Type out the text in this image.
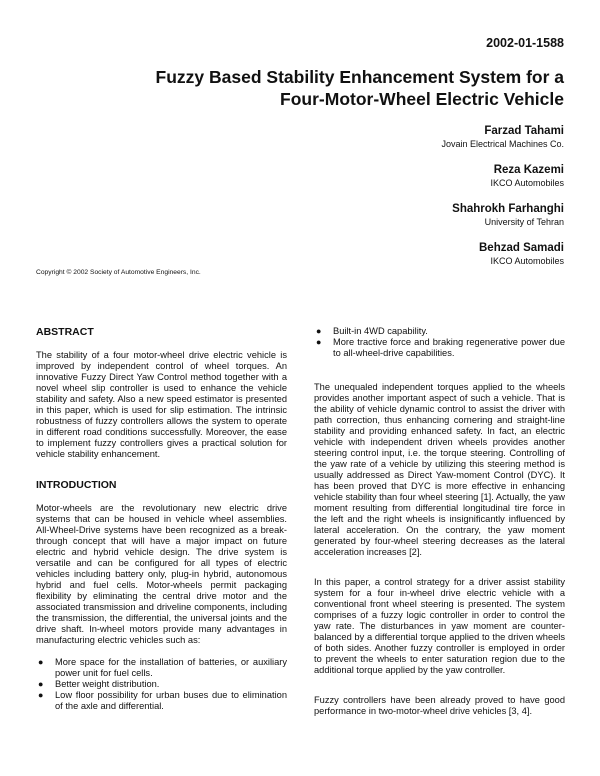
2002-01-1588
Fuzzy Based Stability Enhancement System for a
Four-Motor-Wheel Electric Vehicle
Farzad Tahami
Jovain Electrical Machines Co.
Reza Kazemi
IKCO Automobiles
Shahrokh Farhanghi
University of Tehran
Behzad Samadi
IKCO Automobiles
Copyright © 2002 Society of Automotive Engineers, Inc.
ABSTRACT

The stability of a four motor-wheel drive electric vehicle is improved by independent control of wheel torques. An innovative Fuzzy Direct Yaw Control method together with a novel wheel slip controller is used to enhance the vehicle stability and safety. Also a new speed estimator is presented in this paper, which is used for slip estimation. The intrinsic robustness of fuzzy controllers allows the system to operate in different road conditions successfully. Moreover, the ease to implement fuzzy controllers gives a practical solution for vehicle stability enhancement.

INTRODUCTION

Motor-wheels are the revolutionary new electric drive systems that can be housed in vehicle wheel assemblies. All-Wheel-Drive systems have been recognized as a break-through concept that will have a major impact on future electric and hybrid vehicle design. The drive system is versatile and can be configured for all types of electric vehicles including battery only, plug-in hybrid, autonomous hybrid and fuel cells. Motor-wheels permit packaging flexibility by eliminating the central drive motor and the associated transmission and driveline components, including the transmission, the differential, the universal joints and the drive shaft. In-wheel motors provide many advantages in manufacturing electric vehicles such as:

● More space for the installation of batteries, or auxiliary power unit for fuel cells.
● Better weight distribution.
● Low floor possibility for urban buses due to elimination of the axle and differential.
● Built-in 4WD capability.
● More tractive force and braking regenerative power due to all-wheel-drive capabilities.

The unequaled independent torques applied to the wheels provides another important aspect of such a vehicle. That is the ability of vehicle dynamic control to assist the driver with path correction, thus enhancing cornering and straight-line stability and providing enhanced safety. In fact, an electric vehicle with independent driven wheels provides another steering control input, i.e. the torque steering. Controlling of the yaw rate of a vehicle by utilizing this steering method is usually addressed as Direct Yaw-moment Control (DYC). It has been proved that DYC is more effective in enhancing vehicle stability than four wheel steering [1]. Actually, the yaw moment resulting from differential longitudinal tire force in the left and the right wheels is insignificantly influenced by lateral acceleration. On the contrary, the yaw moment generated by four-wheel steering decreases as the lateral acceleration increases [2].

In this paper, a control strategy for a driver assist stability system for a four in-wheel drive electric vehicle with a conventional front wheel steering is presented. The system comprises of a fuzzy logic controller in order to control the yaw rate. The disturbances in yaw moment are counter-balanced by a differential torque applied to the driven wheels of both sides. Another fuzzy controller is employed in order to prevent the wheels to enter saturation region due to the additional torque applied by the yaw controller.

Fuzzy controllers have been already proved to have good performance in two-motor-wheel drive vehicles [3, 4].
